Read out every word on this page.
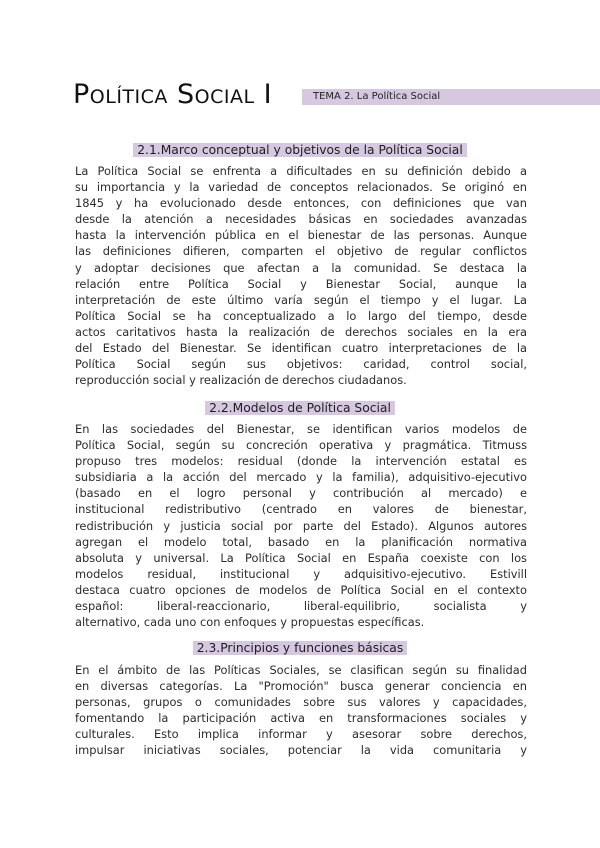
Política Social I	TEMA 2. La Política Social
2.1.Marco conceptual y objetivos de la Política Social
La Política Social se enfrenta a dificultades en su definición debido a
su importancia y la variedad de conceptos relacionados. Se originó en
1845 y ha evolucionado desde entonces, con definiciones que van
desde la atención a necesidades básicas en sociedades avanzadas
hasta la intervención pública en el bienestar de las personas. Aunque
las definiciones difieren, comparten el objetivo de regular conflictos
y adoptar decisiones que afectan a la comunidad. Se destaca la
relación entre Política Social y Bienestar Social, aunque la
interpretación de este último varía según el tiempo y el lugar. La
Política Social se ha conceptualizado a lo largo del tiempo, desde
actos caritativos hasta la realización de derechos sociales en la era
del Estado del Bienestar. Se identifican cuatro interpretaciones de la
Política Social según sus objetivos: caridad, control social,
reproducción social y realización de derechos ciudadanos.
2.2.Modelos de Política Social
En las sociedades del Bienestar, se identifican varios modelos de
Política Social, según su concreción operativa y pragmática. Titmuss
propuso tres modelos: residual (donde la intervención estatal es
subsidiaria a la acción del mercado y la familia), adquisitivo-ejecutivo
(basado en el logro personal y contribución al mercado) e
institucional redistributivo (centrado en valores de bienestar,
redistribución y justicia social por parte del Estado). Algunos autores
agregan el modelo total, basado en la planificación normativa
absoluta y universal. La Política Social en España coexiste con los
modelos residual, institucional y adquisitivo-ejecutivo. Estivill
destaca cuatro opciones de modelos de Política Social en el contexto
español: liberal-reaccionario, liberal-equilibrio, socialista y
alternativo, cada uno con enfoques y propuestas específicas.
2.3.Principios y funciones básicas
En el ámbito de las Políticas Sociales, se clasifican según su finalidad
en diversas categorías. La "Promoción" busca generar conciencia en
personas, grupos o comunidades sobre sus valores y capacidades,
fomentando la participación activa en transformaciones sociales y
culturales. Esto implica informar y asesorar sobre derechos,
impulsar iniciativas sociales, potenciar la vida comunitaria y
